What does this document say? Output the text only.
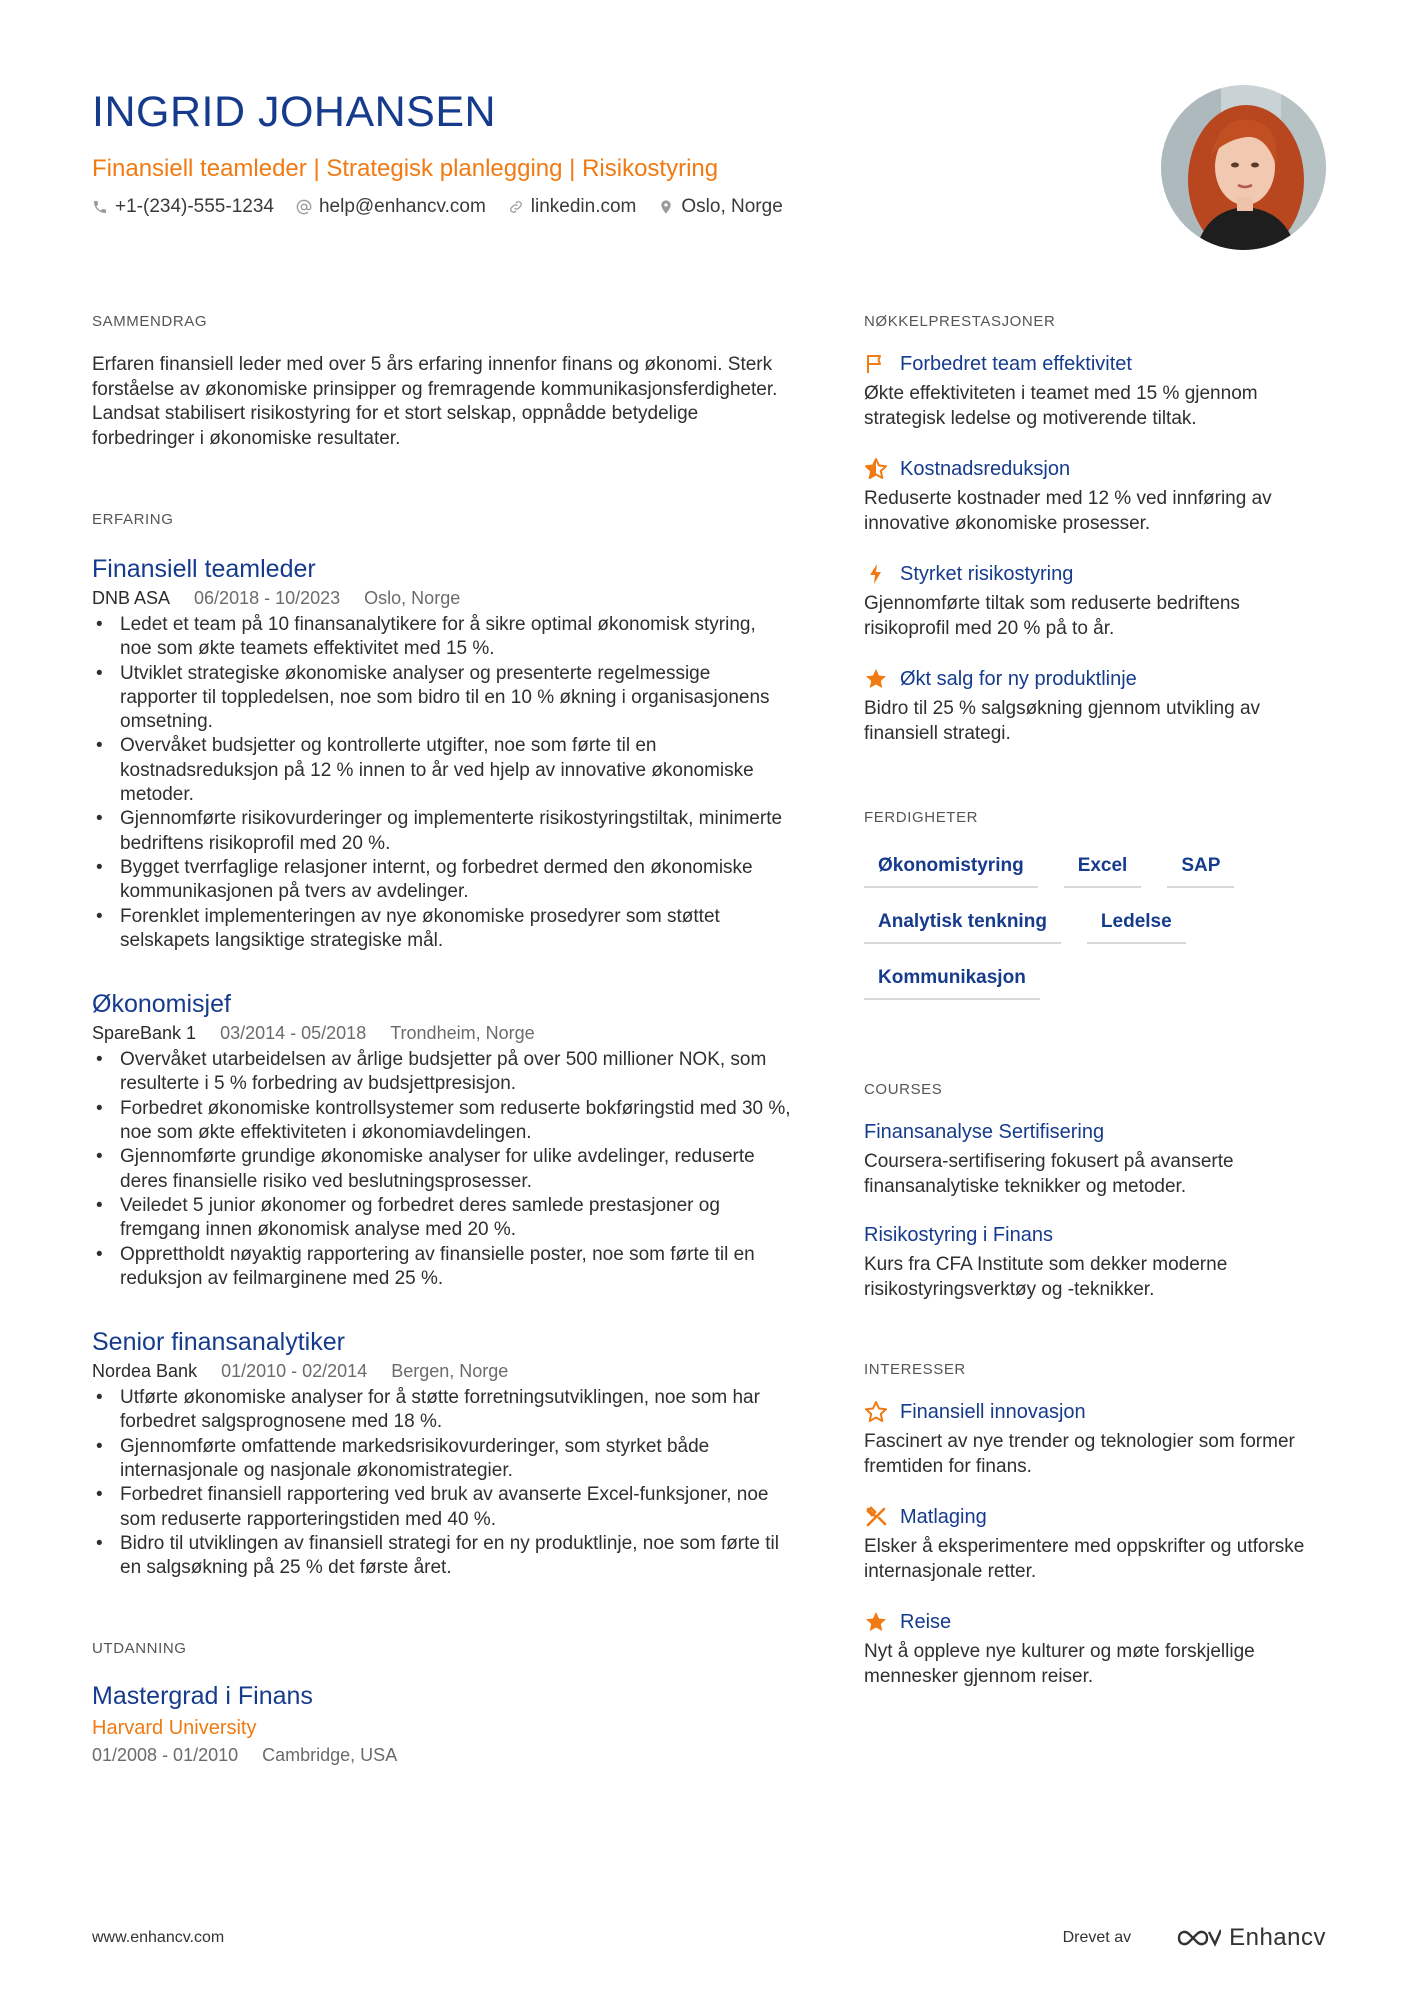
INGRID JOHANSEN
Finansiell teamleder | Strategisk planlegging | Risikostyring
+1-(234)-555-1234 help@enhancv.com linkedin.com Oslo, Norge
SAMMENDRAG

Erfaren finansiell leder med over 5 års erfaring innenfor finans og økonomi. Sterk forståelse av økonomiske prinsipper og fremragende kommunikasjonsferdigheter. Landsat stabilisert risikostyring for et stort selskap, oppnådde betydelige forbedringer i økonomiske resultater.

ERFARING
Finansiell teamleder
DNB ASA 06/2018 - 10/2023 Oslo, Norge
• Ledet et team på 10 finansanalytikere for å sikre optimal økonomisk styring, noe som økte teamets effektivitet med 15 %.
• Utviklet strategiske økonomiske analyser og presenterte regelmessige rapporter til toppledelsen, noe som bidro til en 10 % økning i organisasjonens omsetning.
• Overvåket budsjetter og kontrollerte utgifter, noe som førte til en kostnadsreduksjon på 12 % innen to år ved hjelp av innovative økonomiske metoder.
• Gjennomførte risikovurderinger og implementerte risikostyringstiltak, minimerte bedriftens risikoprofil med 20 %.
• Bygget tverrfaglige relasjoner internt, og forbedret dermed den økonomiske kommunikasjonen på tvers av avdelinger.
• Forenklet implementeringen av nye økonomiske prosedyrer som støttet selskapets langsiktige strategiske mål.
Økonomisjef
SpareBank 1 03/2014 - 05/2018 Trondheim, Norge
• Overvåket utarbeidelsen av årlige budsjetter på over 500 millioner NOK, som resulterte i 5 % forbedring av budsjettpresisjon.
• Forbedret økonomiske kontrollsystemer som reduserte bokføringstid med 30 %, noe som økte effektiviteten i økonomiavdelingen.
• Gjennomførte grundige økonomiske analyser for ulike avdelinger, reduserte deres finansielle risiko ved beslutningsprosesser.
• Veiledet 5 junior økonomer og forbedret deres samlede prestasjoner og fremgang innen økonomisk analyse med 20 %.
• Opprettholdt nøyaktig rapportering av finansielle poster, noe som førte til en reduksjon av feilmarginene med 25 %.
Senior finansanalytiker
Nordea Bank 01/2010 - 02/2014 Bergen, Norge
• Utførte økonomiske analyser for å støtte forretningsutviklingen, noe som har forbedret salgsprognosene med 18 %.
• Gjennomførte omfattende markedsrisikovurderinger, som styrket både internasjonale og nasjonale økonomistrategier.
• Forbedret finansiell rapportering ved bruk av avanserte Excel-funksjoner, noe som reduserte rapporteringstiden med 40 %.
• Bidro til utviklingen av finansiell strategi for en ny produktlinje, noe som førte til en salgsøkning på 25 % det første året.
UTDANNING
Mastergrad i Finans
Harvard University
01/2008 - 01/2010 Cambridge, USA
NØKKELPRESTASJONER
Forbedret team effektivitet
Økte effektiviteten i teamet med 15 % gjennom strategisk ledelse og motiverende tiltak.
Kostnadsreduksjon
Reduserte kostnader med 12 % ved innføring av innovative økonomiske prosesser.
Styrket risikostyring
Gjennomførte tiltak som reduserte bedriftens risikoprofil med 20 % på to år.
Økt salg for ny produktlinje
Bidro til 25 % salgsøkning gjennom utvikling av finansiell strategi.
FERDIGHETER
Økonomistyring	Excel	SAP
Analytisk tenkning	Ledelse
Kommunikasjon
COURSES
Finansanalyse Sertifisering
Coursera-sertifisering fokusert på avanserte finansanalytiske teknikker og metoder.
Risikostyring i Finans
Kurs fra CFA Institute som dekker moderne risikostyringsverktøy og -teknikker.
INTERESSER
Finansiell innovasjon
Fascinert av nye trender og teknologier som former fremtiden for finans.
Matlaging
Elsker å eksperimentere med oppskrifter og utforske internasjonale retter.
Reise
Nyt å oppleve nye kulturer og møte forskjellige mennesker gjennom reiser.
www.enhancv.com	Drevet av	Enhancv
